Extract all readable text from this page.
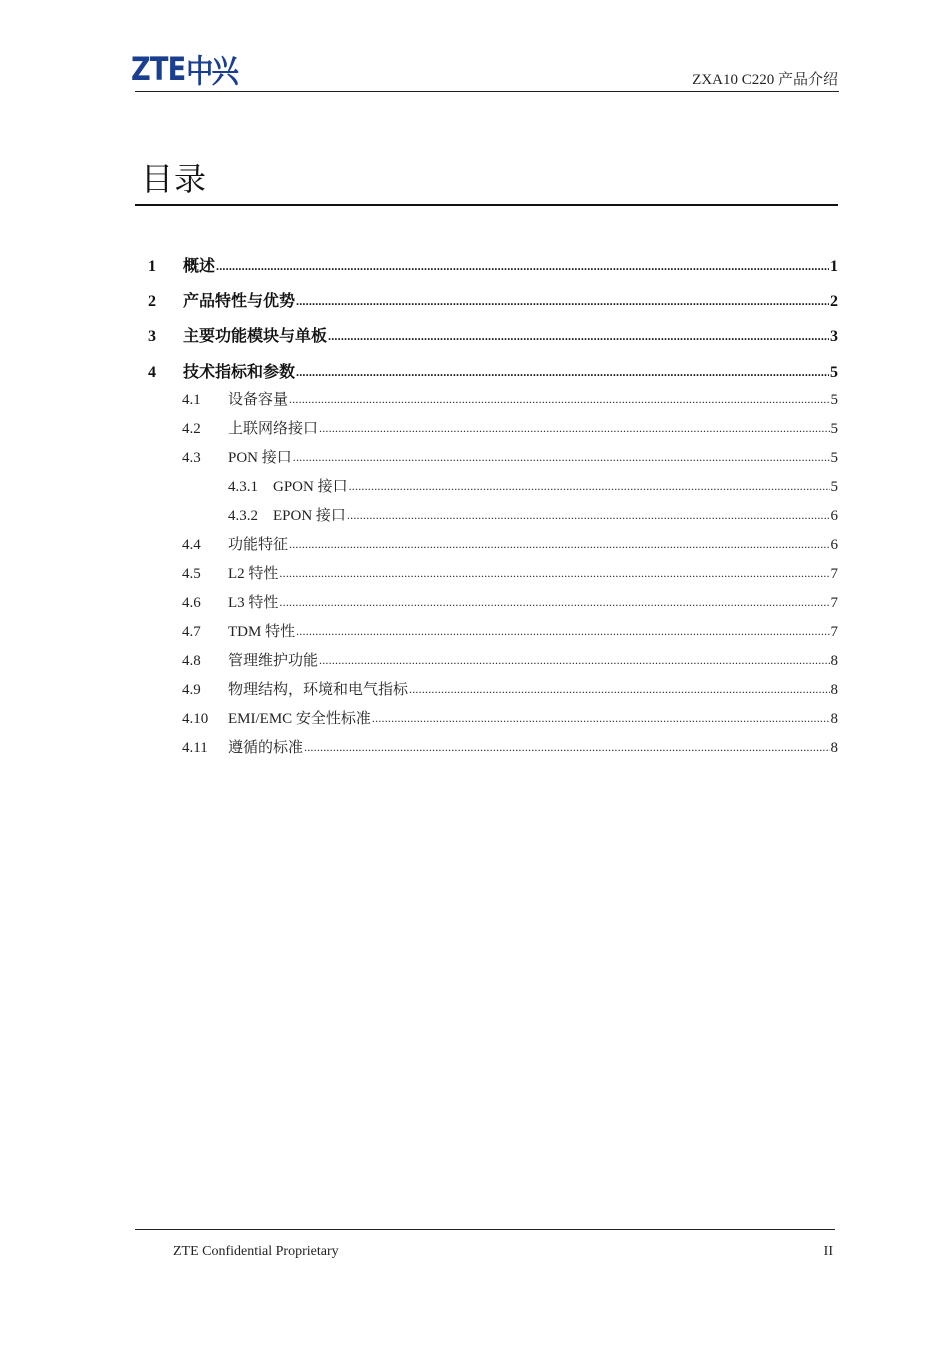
ZTE 中兴	ZXA10 C220 产品介绍
目录
1	概述 .....	1
2	产品特性与优势 .....	2
3	主要功能模块与单板 .....	3
4	技术指标和参数 .....	5
4.1	设备容量 .....	5
4.2	上联网络接口 .....	5
4.3	PON 接口 .....	5
4.3.1	GPON 接口 .....	5
4.3.2	EPON 接口 .....	6
4.4	功能特征 .....	6
4.5	L2 特性 .....	7
4.6	L3 特性 .....	7
4.7	TDM 特性 .....	7
4.8	管理维护功能 .....	8
4.9	物理结构，环境和电气指标 .....	8
4.10	EMI/EMC 安全性标准 .....	8
4.11	遵循的标准 .....	8
ZTE Confidential Proprietary	II
